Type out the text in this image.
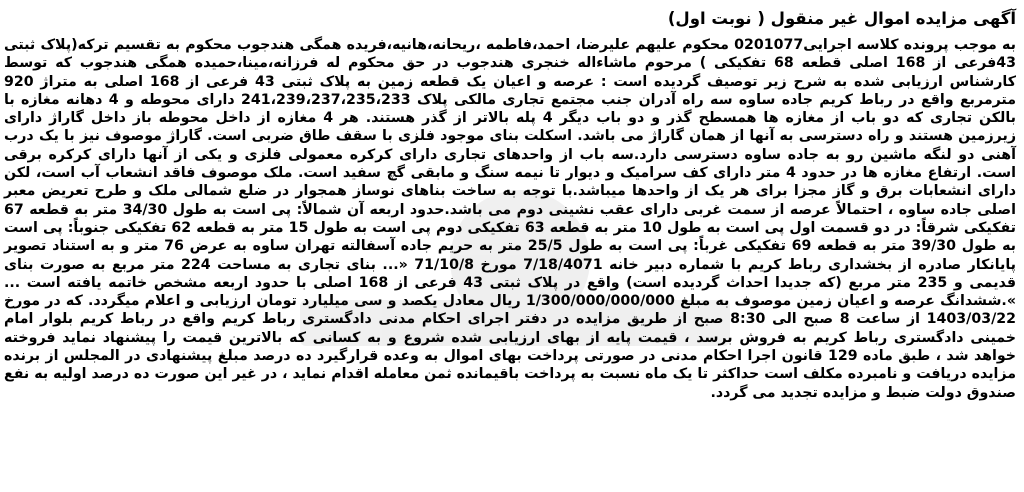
آگهی مزایده اموال غیر منقول ( نوبت اول)

به موجب پرونده کلاسه اجرایی0201077 محکوم علیهم علیرضا، احمد،فاطمه ،ریحانه،هانیه،فریده همگی هندجوب محکوم به تقسیم ترکه(پلاک ثبتی 43فرعی از 168 اصلی قطعه 68 تفکیکی ) مرحوم ماشاءاله خنجری هندجوب در حق محکوم له فرزانه،مینا،حمیده همگی هندجوب که توسط کارشناس ارزیابی شده به شرح زیر توصیف گردیده است : عرصه و اعیان یک قطعه زمین به پلاک ثبتی 43 فرعی از 168 اصلی به متراژ 920 مترمربع واقع در رباط کریم جاده ساوه سه راه آدران جنب مجتمع تجاری مالکی پلاک 241،239،237،235،233 دارای محوطه و 4 دهانه مغازه با بالکن تجاری که دو باب از مغازه ها همسطح گذر و دو باب دیگر 4 پله بالاتر از گذر هستند. هر 4 مغازه از داخل محوطه باز داخل گاراژ دارای زیرزمین هستند و راه دسترسی به آنها از همان گاراژ می باشد. اسکلت بنای موجود فلزی با سقف طاق ضربی است. گاراژ موصوف نیز با یک درب آهنی دو لنگه ماشین رو به جاده ساوه دسترسی دارد.سه باب از واحدهای تجاری دارای کرکره معمولی فلزی و یکی از آنها دارای کرکره برقی است. ارتفاع مغازه ها در حدود 4 متر دارای کف سرامیک و دیوار تا نیمه سنگ و مابقی گچ سفید است. ملک موصوف فاقد انشعاب آب است، لکن دارای انشعابات برق و گاز مجزا برای هر یک از واحدها میباشد.با توجه به ساخت بناهای نوساز همجوار در ضلع شمالی ملک و طرح تعریض معبر اصلی جاده ساوه ، احتمالاً عرصه از سمت غربی دارای عقب نشینی دوم می باشد.حدود اربعه آن شمالاً: پی است به طول 34/30 متر به قطعه 67 تفکیکی شرقاً: در دو قسمت اول پی است به طول 10 متر به قطعه 63 تفکیکی دوم پی است به طول 15 متر به قطعه 62 تفکیکی جنوباً: پی است به طول 39/30 متر به قطعه 69 تفکیکی غرباً: پی است به طول 25/5 متر به حریم جاده آسفالته تهران ساوه به عرض 76 متر و به استناد تصویر پایانکار صادره از بخشداری رباط کریم با شماره دبیر خانه 7/18/4071 مورخ 71/10/8 «... بنای تجاری به مساحت 224 متر مربع به صورت بنای قدیمی و 235 متر مربع (که جدیدا احداث گردیده است) واقع در پلاک ثبتی 43 فرعی از 168 اصلی با حدود اربعه مشخص خاتمه یافته است ... ».ششدانگ عرصه و اعیان زمین موصوف به مبلغ 1/300/000/000/000 ریال معادل یکصد و سی میلیارد تومان ارزیابی و اعلام میگردد. که در مورخ 1403/03/22 از ساعت 8 صبح الی 8:30 صبح از طریق مزایده در دفتر اجرای احکام مدنی دادگستری رباط کریم واقع در رباط کریم بلوار امام خمینی دادگستری رباط کریم به فروش برسد ، قیمت پایه از بهای ارزیابی شده شروع و به کسانی که بالاترین قیمت را پیشنهاد نماید فروخته خواهد شد ، طبق ماده 129 قانون اجرا احکام مدنی در صورتی پرداخت بهای اموال به وعده قرارگیرد ده درصد مبلغ پیشنهادی در المجلس از برنده مزایده دریافت و نامبرده مکلف است حداکثر تا یک ماه نسبت به پرداخت باقیمانده ثمن معامله اقدام نماید ، در غیر این صورت ده درصد اولیه به نفع صندوق دولت ضبط و مزایده تجدید می گردد.
